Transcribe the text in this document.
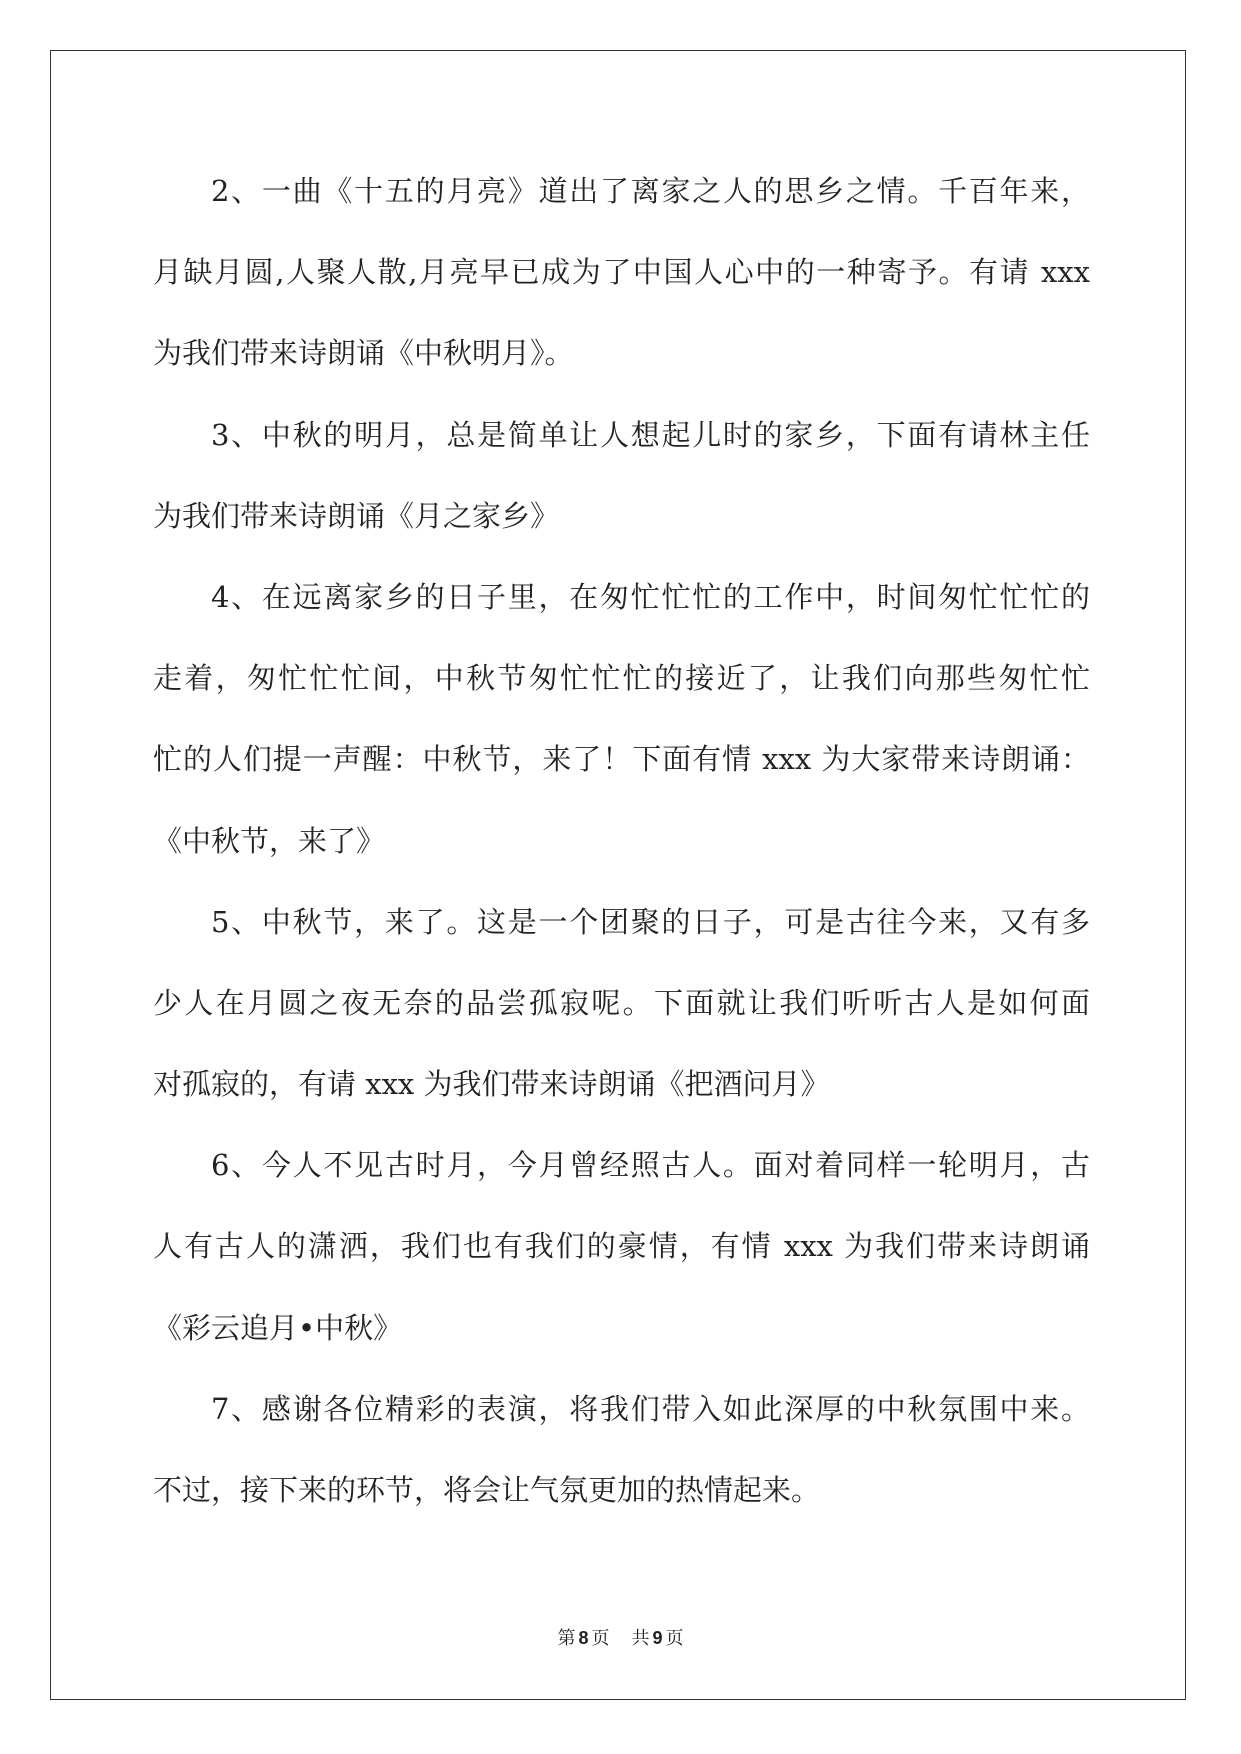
2、一曲《十五的月亮》道出了离家之人的思乡之情。千百年来，
月缺月圆,人聚人散,月亮早已成为了中国人心中的一种寄予。有请 xxx
为我们带来诗朗诵《中秋明月》。
3、中秋的明月，总是简单让人想起儿时的家乡，下面有请林主任
为我们带来诗朗诵《月之家乡》
4、在远离家乡的日子里，在匆忙忙忙的工作中，时间匆忙忙忙的
走着，匆忙忙忙间，中秋节匆忙忙忙的接近了，让我们向那些匆忙忙
忙的人们提一声醒：中秋节，来了！下面有情 xxx 为大家带来诗朗诵：
《中秋节，来了》
5、中秋节，来了。这是一个团聚的日子，可是古往今来，又有多
少人在月圆之夜无奈的品尝孤寂呢。下面就让我们听听古人是如何面
对孤寂的，有请 xxx 为我们带来诗朗诵《把酒问月》
6、今人不见古时月，今月曾经照古人。面对着同样一轮明月，古
人有古人的潇洒，我们也有我们的豪情，有情 xxx 为我们带来诗朗诵
《彩云追月•中秋》
7、感谢各位精彩的表演，将我们带入如此深厚的中秋氛围中来。
不过，接下来的环节，将会让气氛更加的热情起来。
第 8 页 共 9 页
